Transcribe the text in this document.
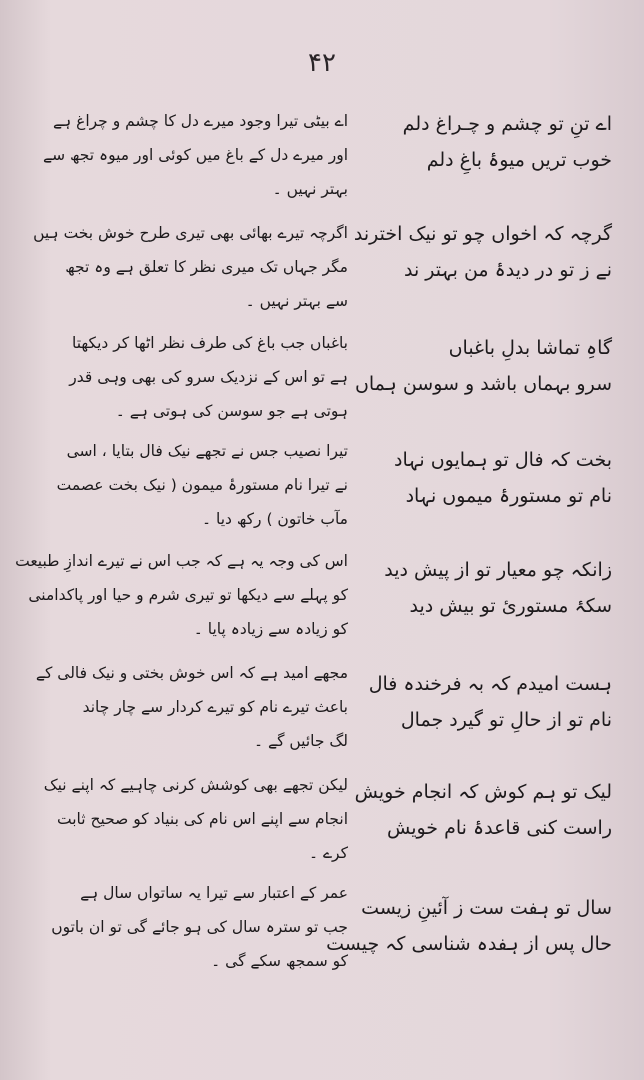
۴۲
اے تنِ تو چشم و چـراغ دلم
خوب تریں میوۂ باغِ دلم
اے بیٹی تیرا وجود میرے دل کا چشم و چراغ ہے
اور میرے دل کے باغ میں کوئی اور میوہ تجھ سے
بہتر نہیں ۔
گرچہ کہ اخواں چو تو نیک اخترند
نے ز تو در دیدۂ من بہتر ند
اگرچہ تیرے بھائی بھی تیری طرح خوش بخت ہیں
مگر جہاں تک میری نظر کا تعلق ہے وہ تجھ
سے بہتر نہیں ۔
گاہِ تماشا بدلِ باغباں
سرو بہماں باشد و سوسن ہماں
باغباں جب باغ کی طرف نظر اٹھا کر دیکھتا
ہے تو اس کے نزدیک سرو کی بھی وہی قدر
ہوتی ہے جو سوسن کی ہوتی ہے ۔
بخت کہ فال تو ہمایوں نہاد
نام تو مستورۂ میموں نہاد
تیرا نصیب جس نے تجھے نیک فال بتایا ، اسی
نے تیرا نام مستورۂ میمون ( نیک بخت عصمت
مآب خاتون ) رکھ دیا ۔
زانکہ چو معیار تو از پیش دید
سکۂ مستوریٔ تو بیش دید
اس کی وجہ یہ ہے کہ جب اس نے تیرے اندازِ طبیعت
کو پہلے سے دیکھا تو تیری شرم و حیا اور پاکدامنی
کو زیادہ سے زیادہ پایا ۔
ہست امیدم کہ بہ فرخندہ فال
نام تو از حالِ تو گیرد جمال
مجھے امید ہے کہ اس خوش بختی و نیک فالی کے
باعث تیرے نام کو تیرے کردار سے چار چاند
لگ جائیں گے ۔
لیک تو ہم کوش کہ انجام خویش
راست کنی قاعدۂ نام خویش
لیکن تجھے بھی کوشش کرنی چاہیے کہ اپنے نیک
انجام سے اپنے اس نام کی بنیاد کو صحیح ثابت
کرے ۔
سال تو ہفت ست ز آئینِ زیست
حال پس از ہفدہ شناسی کہ چیست
عمر کے اعتبار سے تیرا یہ ساتواں سال ہے
جب تو سترہ سال کی ہو جائے گی تو ان باتوں
کو سمجھ سکے گی ۔
